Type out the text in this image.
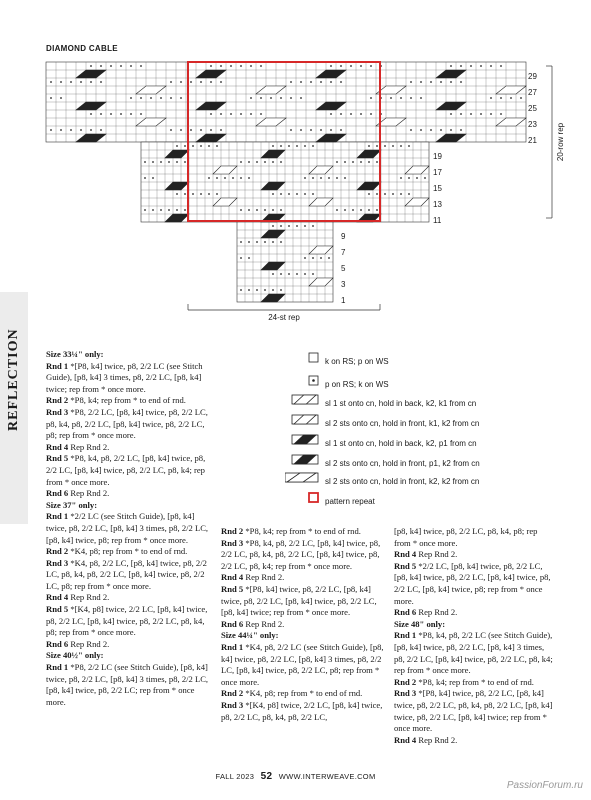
DIAMOND CABLE
29
27
25
23
21
19
17
15
13
11
9
7
5
3
1
20-row rep
24-st rep
k on RS; p on WS
p on RS; k on WS
sl 1 st onto cn, hold in back, k2, k1 from cn
sl 2 sts onto cn, hold in front, k1, k2 from cn
sl 1 st onto cn, hold in back, k2, p1 from cn
sl 2 sts onto cn, hold in front, p1, k2 from cn
sl 2 sts onto cn, hold in front, k2, k2 from cn
pattern repeat

Size 33¼" only:

Rnd 1 *[P8, k4] twice, p8, 2/2 LC (see Stitch Guide), [p8, k4] 3 times, p8, 2/2 LC, [p8, k4] twice; rep from * once more.

Rnd 2 *P8, k4; rep from * to end of rnd.

Rnd 3 *P8, 2/2 LC, [p8, k4] twice, p8, 2/2 LC, p8, k4, p8, 2/2 LC, [p8, k4] twice, p8, 2/2 LC, p8; rep from * once more.

Rnd 4 Rep Rnd 2.

Rnd 5 *P8, k4, p8, 2/2 LC, [p8, k4] twice, p8, 2/2 LC, [p8, k4] twice, p8, 2/2 LC, p8, k4; rep from * once more.

Rnd 6 Rep Rnd 2.

Size 37" only:

Rnd 1 *2/2 LC (see Stitch Guide), [p8, k4] twice, p8, 2/2 LC, [p8, k4] 3 times, p8, 2/2 LC, [p8, k4] twice, p8; rep from * once more.

Rnd 2 *K4, p8; rep from * to end of rnd.

Rnd 3 *K4, p8, 2/2 LC, [p8, k4] twice, p8, 2/2 LC, p8, k4, p8, 2/2 LC, [p8, k4] twice, p8, 2/2 LC, p8; rep from * once more.

Rnd 4 Rep Rnd 2.

Rnd 5 *[K4, p8] twice, 2/2 LC, [p8, k4] twice, p8, 2/2 LC, [p8, k4] twice, p8, 2/2 LC, p8, k4, p8; rep from * once more.

Rnd 6 Rep Rnd 2.

Size 40½" only:

Rnd 1 *P8, 2/2 LC (see Stitch Guide), [p8, k4] twice, p8, 2/2 LC, [p8, k4] 3 times, p8, 2/2 LC, [p8, k4] twice, p8, 2/2 LC; rep from * once more.

Rnd 2 *P8, k4; rep from * to end of rnd.

Rnd 3 *P8, k4, p8, 2/2 LC, [p8, k4] twice, p8, 2/2 LC, p8, k4, p8, 2/2 LC, [p8, k4] twice, p8, 2/2 LC, p8, k4; rep from * once more.

Rnd 4 Rep Rnd 2.

Rnd 5 *[P8, k4] twice, p8, 2/2 LC, [p8, k4] twice, p8, 2/2 LC, [p8, k4] twice, p8, 2/2 LC, [p8, k4] twice; rep from * once more.

Rnd 6 Rep Rnd 2.

Size 44¼" only:

Rnd 1 *K4, p8, 2/2 LC (see Stitch Guide), [p8, k4] twice, p8, 2/2 LC, [p8, k4] 3 times, p8, 2/2 LC, [p8, k4] twice, p8, 2/2 LC, p8; rep from * once more.

Rnd 2 *K4, p8; rep from * to end of rnd.

Rnd 3 *[K4, p8] twice, 2/2 LC, [p8, k4] twice, p8, 2/2 LC, p8, k4, p8, 2/2 LC,

[p8, k4] twice, p8, 2/2 LC, p8, k4, p8; rep from * once more.

Rnd 4 Rep Rnd 2.

Rnd 5 *2/2 LC, [p8, k4] twice, p8, 2/2 LC, [p8, k4] twice, p8, 2/2 LC, [p8, k4] twice, p8, 2/2 LC, [p8, k4] twice, p8; rep from * once more.

Rnd 6 Rep Rnd 2.

Size 48" only:

Rnd 1 *P8, k4, p8, 2/2 LC (see Stitch Guide), [p8, k4] twice, p8, 2/2 LC, [p8, k4] 3 times, p8, 2/2 LC, [p8, k4] twice, p8, 2/2 LC, p8, k4; rep from * once more.

Rnd 2 *P8, k4; rep from * to end of rnd.

Rnd 3 *[P8, k4] twice, p8, 2/2 LC, [p8, k4] twice, p8, 2/2 LC, p8, k4, p8, 2/2 LC, [p8, k4] twice, p8, 2/2 LC, [p8, k4] twice; rep from * once more.

Rnd 4 Rep Rnd 2.

FALL 2023 52 WWW.INTERWEAVE.COM
PassionForum.ru
